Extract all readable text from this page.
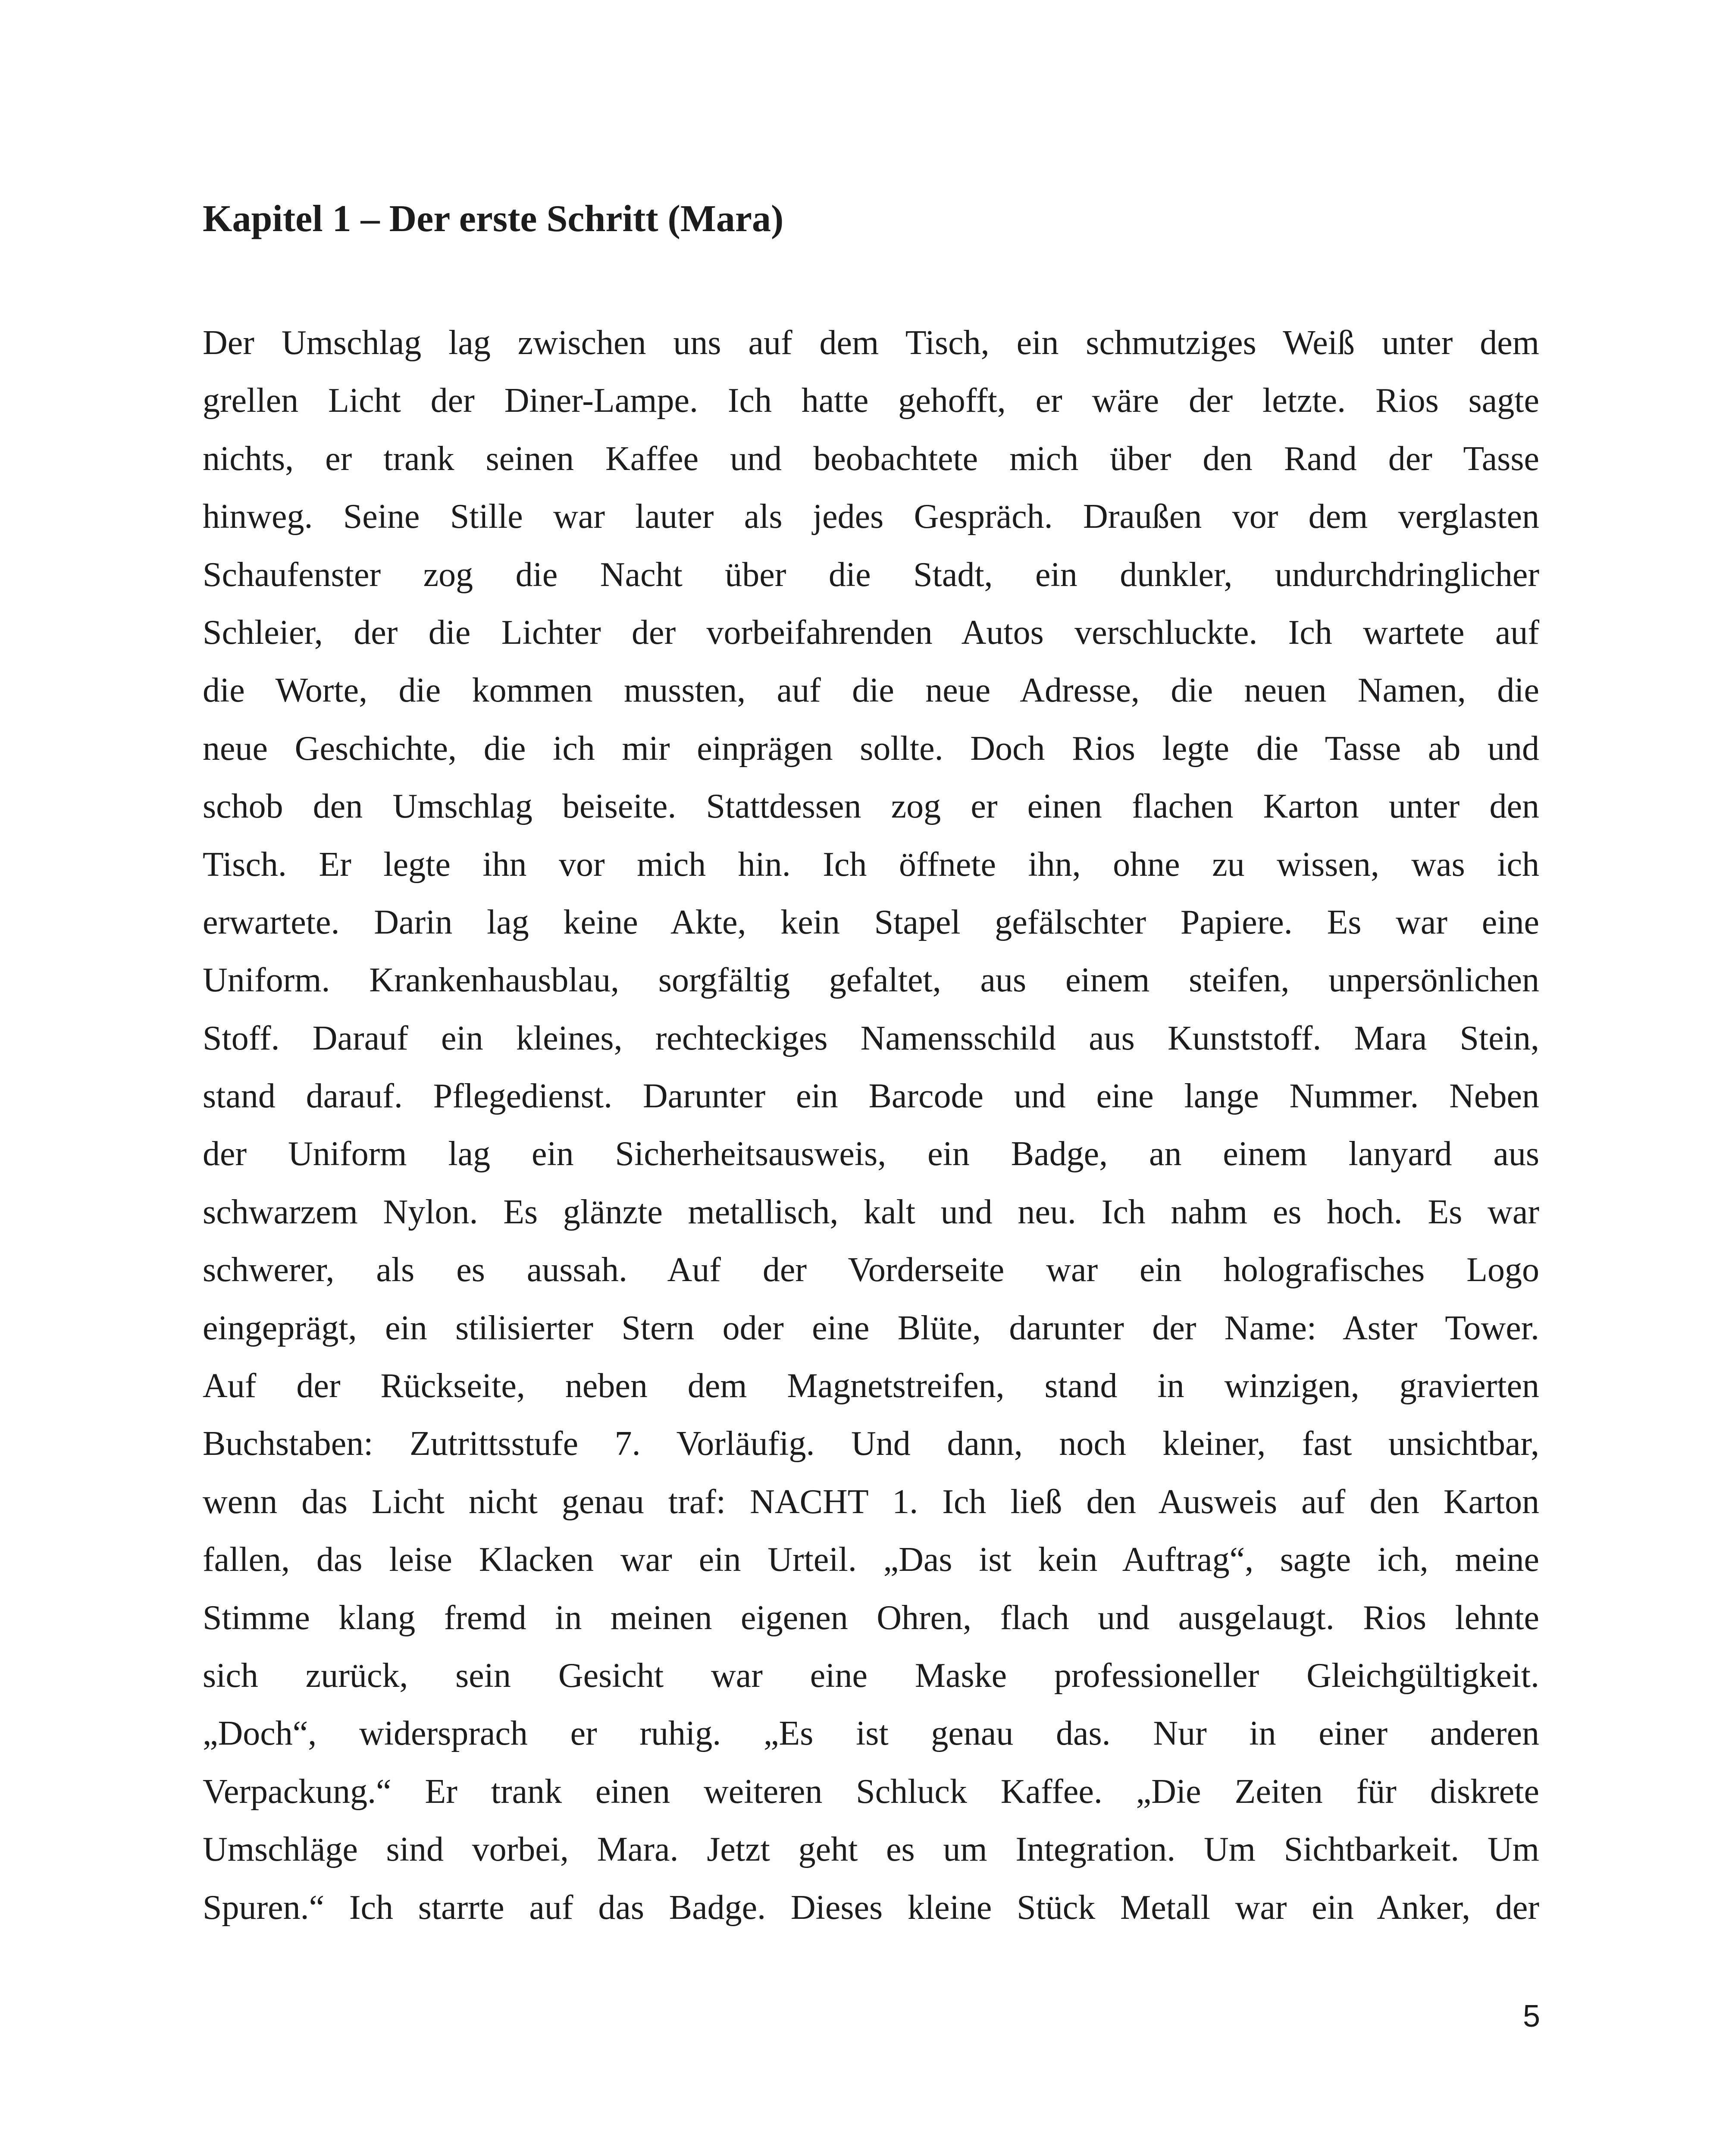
Kapitel 1 – Der erste Schritt (Mara)
Der Umschlag lag zwischen uns auf dem Tisch, ein schmutziges Weiß unter dem
grellen Licht der Diner-Lampe. Ich hatte gehofft, er wäre der letzte. Rios sagte
nichts, er trank seinen Kaffee und beobachtete mich über den Rand der Tasse
hinweg. Seine Stille war lauter als jedes Gespräch. Draußen vor dem verglasten
Schaufenster zog die Nacht über die Stadt, ein dunkler, undurchdringlicher
Schleier, der die Lichter der vorbeifahrenden Autos verschluckte. Ich wartete auf
die Worte, die kommen mussten, auf die neue Adresse, die neuen Namen, die
neue Geschichte, die ich mir einprägen sollte. Doch Rios legte die Tasse ab und
schob den Umschlag beiseite. Stattdessen zog er einen flachen Karton unter den
Tisch. Er legte ihn vor mich hin. Ich öffnete ihn, ohne zu wissen, was ich
erwartete. Darin lag keine Akte, kein Stapel gefälschter Papiere. Es war eine
Uniform. Krankenhausblau, sorgfältig gefaltet, aus einem steifen, unpersönlichen
Stoff. Darauf ein kleines, rechteckiges Namensschild aus Kunststoff. Mara Stein,
stand darauf. Pflegedienst. Darunter ein Barcode und eine lange Nummer. Neben
der Uniform lag ein Sicherheitsausweis, ein Badge, an einem lanyard aus
schwarzem Nylon. Es glänzte metallisch, kalt und neu. Ich nahm es hoch. Es war
schwerer, als es aussah. Auf der Vorderseite war ein holografisches Logo
eingeprägt, ein stilisierter Stern oder eine Blüte, darunter der Name: Aster Tower.
Auf der Rückseite, neben dem Magnetstreifen, stand in winzigen, gravierten
Buchstaben: Zutrittsstufe 7. Vorläufig. Und dann, noch kleiner, fast unsichtbar,
wenn das Licht nicht genau traf: NACHT 1. Ich ließ den Ausweis auf den Karton
fallen, das leise Klacken war ein Urteil. „Das ist kein Auftrag“, sagte ich, meine
Stimme klang fremd in meinen eigenen Ohren, flach und ausgelaugt. Rios lehnte
sich zurück, sein Gesicht war eine Maske professioneller Gleichgültigkeit.
„Doch“, widersprach er ruhig. „Es ist genau das. Nur in einer anderen
Verpackung.“ Er trank einen weiteren Schluck Kaffee. „Die Zeiten für diskrete
Umschläge sind vorbei, Mara. Jetzt geht es um Integration. Um Sichtbarkeit. Um
Spuren.“ Ich starrte auf das Badge. Dieses kleine Stück Metall war ein Anker, der
5
